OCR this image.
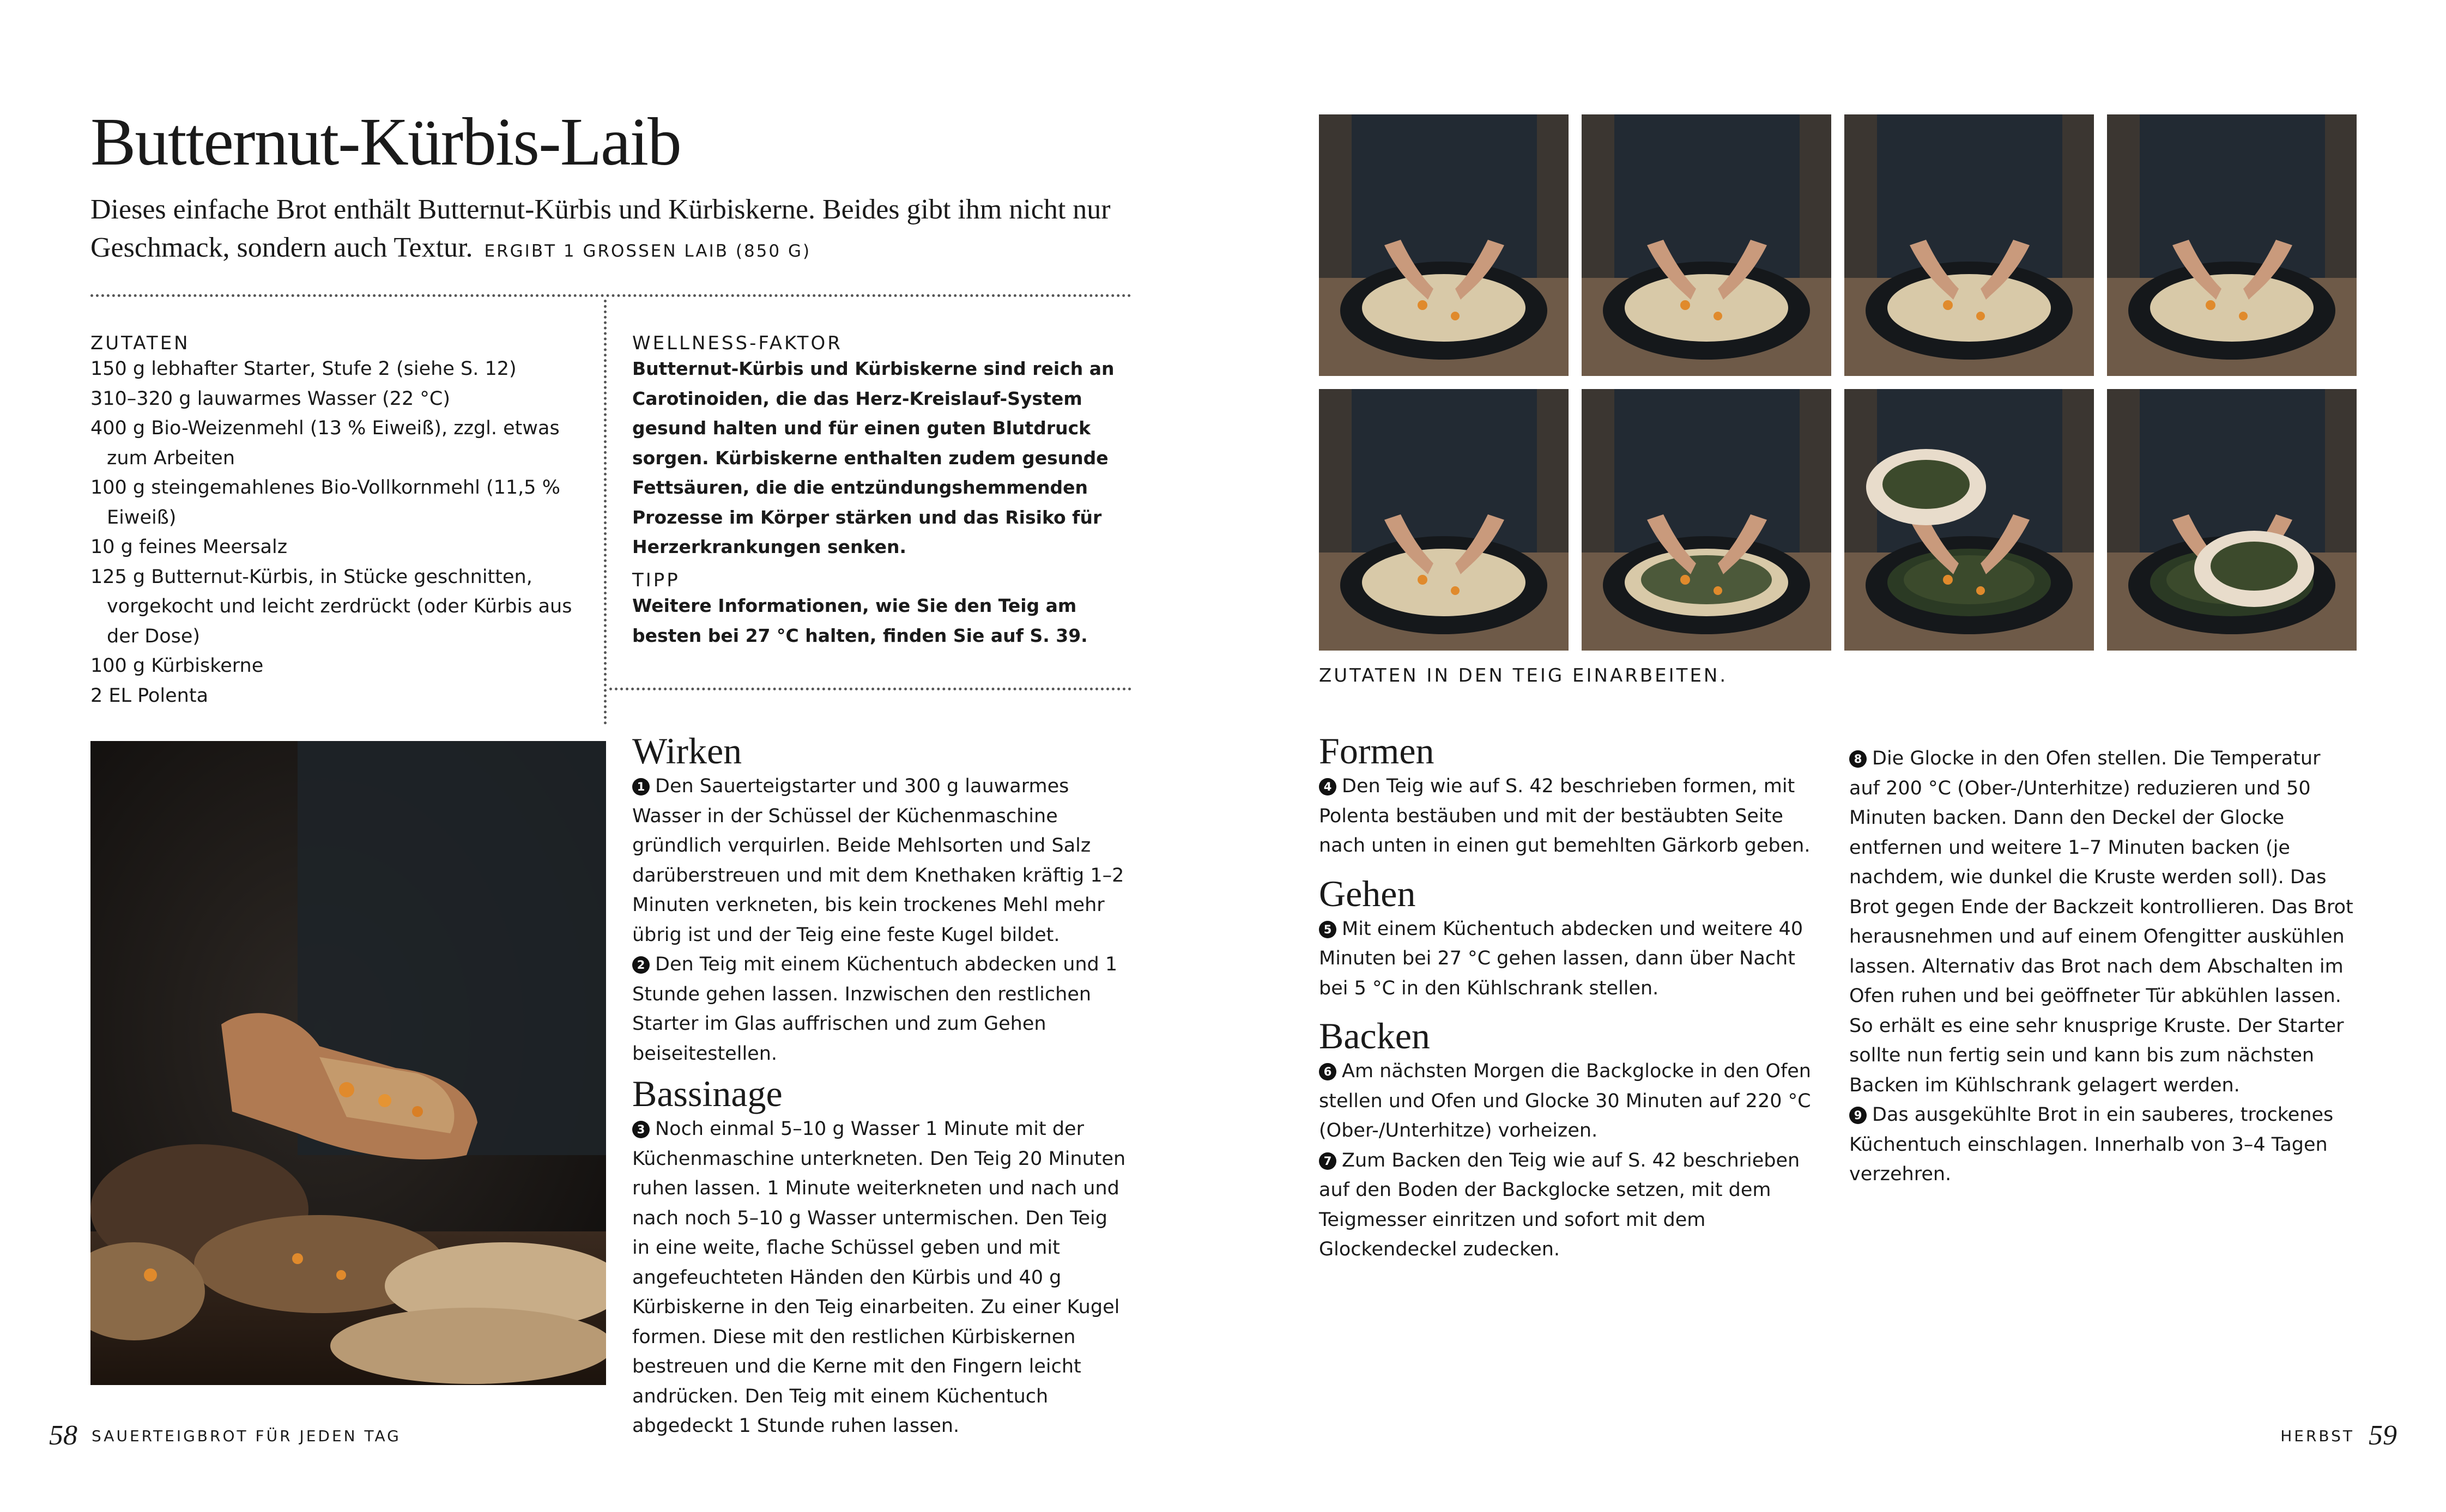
Butternut-Kürbis-Laib
Dieses einfache Brot enthält Butternut-Kürbis und Kürbiskerne. Beides gibt ihm nicht nur Geschmack, sondern auch Textur. ERGIBT 1 GROSSEN LAIB (850 G)
ZUTATEN
150 g lebhafter Starter, Stufe 2 (siehe S. 12)
310–320 g lauwarmes Wasser (22 °C)
400 g Bio-Weizenmehl (13 % Eiweiß), zzgl. etwas zum Arbeiten
100 g steingemahlenes Bio-Vollkornmehl (11,5 % Eiweiß)
10 g feines Meersalz
125 g Butternut-Kürbis, in Stücke geschnitten, vorgekocht und leicht zerdrückt (oder Kürbis aus der Dose)
100 g Kürbiskerne
2 EL Polenta
WELLNESS-FAKTOR
Butternut-Kürbis und Kürbiskerne sind reich an Carotinoiden, die das Herz-Kreislauf-System gesund halten und für einen guten Blutdruck sorgen. Kürbiskerne enthalten zudem gesunde Fettsäuren, die die entzündungshemmenden Prozesse im Körper stärken und das Risiko für Herzerkrankungen senken.
TIPP
Weitere Informationen, wie Sie den Teig am besten bei 27 °C halten, finden Sie auf S. 39.
Wirken

1 Den Sauerteigstarter und 300 g lauwarmes Wasser in der Schüssel der Küchenmaschine gründlich verquirlen. Beide Mehlsorten und Salz darüberstreuen und mit dem Knethaken kräftig 1–2 Minuten verkneten, bis kein trockenes Mehl mehr übrig ist und der Teig eine feste Kugel bildet.

2 Den Teig mit einem Küchentuch abdecken und 1 Stunde gehen lassen. Inzwischen den restlichen Starter im Glas auffrischen und zum Gehen beiseitestellen.

Bassinage

3 Noch einmal 5–10 g Wasser 1 Minute mit der Küchenmaschine unterkneten. Den Teig 20 Minuten ruhen lassen. 1 Minute weiterkneten und nach und nach noch 5–10 g Wasser untermischen. Den Teig in eine weite, flache Schüssel geben und mit angefeuchteten Händen den Kürbis und 40 g Kürbiskerne in den Teig einarbeiten. Zu einer Kugel formen. Diese mit den restlichen Kürbiskernen bestreuen und die Kerne mit den Fingern leicht andrücken. Den Teig mit einem Küchentuch abgedeckt 1 Stunde ruhen lassen.

58 SAUERTEIGBROT FÜR JEDEN TAG
ZUTATEN IN DEN TEIG EINARBEITEN.
Formen

4 Den Teig wie auf S. 42 beschrieben formen, mit Polenta bestäuben und mit der bestäubten Seite nach unten in einen gut bemehlten Gärkorb geben.

Gehen

5 Mit einem Küchentuch abdecken und weitere 40 Minuten bei 27 °C gehen lassen, dann über Nacht bei 5 °C in den Kühlschrank stellen.

Backen

6 Am nächsten Morgen die Backglocke in den Ofen stellen und Ofen und Glocke 30 Minuten auf 220 °C (Ober-/Unterhitze) vorheizen.

7 Zum Backen den Teig wie auf S. 42 beschrieben auf den Boden der Backglocke setzen, mit dem Teigmesser einritzen und sofort mit dem Glockendeckel zudecken.

8 Die Glocke in den Ofen stellen. Die Temperatur auf 200 °C (Ober-/Unterhitze) reduzieren und 50 Minuten backen. Dann den Deckel der Glocke entfernen und weitere 1–7 Minuten backen (je nachdem, wie dunkel die Kruste werden soll). Das Brot gegen Ende der Backzeit kontrollieren. Das Brot herausnehmen und auf einem Ofengitter auskühlen lassen. Alternativ das Brot nach dem Abschalten im Ofen ruhen und bei geöffneter Tür abkühlen lassen. So erhält es eine sehr knusprige Kruste. Der Starter sollte nun fertig sein und kann bis zum nächsten Backen im Kühlschrank gelagert werden.

9 Das ausgekühlte Brot in ein sauberes, trockenes Küchentuch einschlagen. Innerhalb von 3–4 Tagen verzehren.

HERBST 59
